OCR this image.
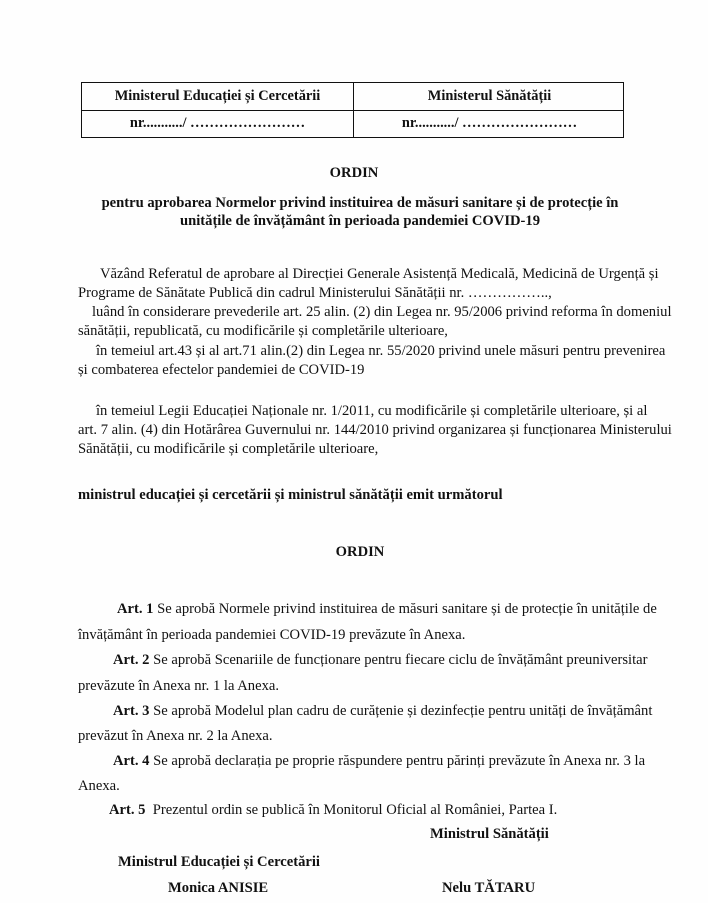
Ministerul Educației și Cercetării	Ministerul Sănătății
nr.........../ ……………………	nr.........../ ……………………
ORDIN
pentru aprobarea Normelor privind instituirea de măsuri sanitare și de protecție în
unitățile de învățământ în perioada pandemiei COVID-19
Văzând Referatul de aprobare al Direcției Generale Asistență Medicală, Medicină de Urgență și
Programe de Sănătate Publică din cadrul Ministerului Sănătății nr. ……………..,
luând în considerare prevederile art. 25 alin. (2) din Legea nr. 95/2006 privind reforma în domeniul
sănătății, republicată, cu modificările și completările ulterioare,
în temeiul art.43 și al art.71 alin.(2) din Legea nr. 55/2020 privind unele măsuri pentru prevenirea
și combaterea efectelor pandemiei de COVID-19
în temeiul Legii Educației Naționale nr. 1/2011, cu modificările și completările ulterioare, și al
art. 7 alin. (4) din Hotărârea Guvernului nr. 144/2010 privind organizarea și funcționarea Ministerului
Sănătății, cu modificările și completările ulterioare,
ministrul educației și cercetării și ministrul sănătății emit următorul
ORDIN
Art. 1 Se aprobă Normele privind instituirea de măsuri sanitare și de protecție în unitățile de
învățământ în perioada pandemiei COVID-19 prevăzute în Anexa.
Art. 2 Se aprobă Scenariile de funcționare pentru fiecare ciclu de învățământ preuniversitar
prevăzute în Anexa nr. 1 la Anexa.
Art. 3 Se aprobă Modelul plan cadru de curățenie și dezinfecție pentru unități de învățământ
prevăzut în Anexa nr. 2 la Anexa.
Art. 4 Se aprobă declarația pe proprie răspundere pentru părinți prevăzute în Anexa nr. 3 la
Anexa.
Art. 5  Prezentul ordin se publică în Monitorul Oficial al României, Partea I.
Ministrul Sănătății
Ministrul Educației și Cercetării
Monica ANISIE	Nelu TĂTARU
